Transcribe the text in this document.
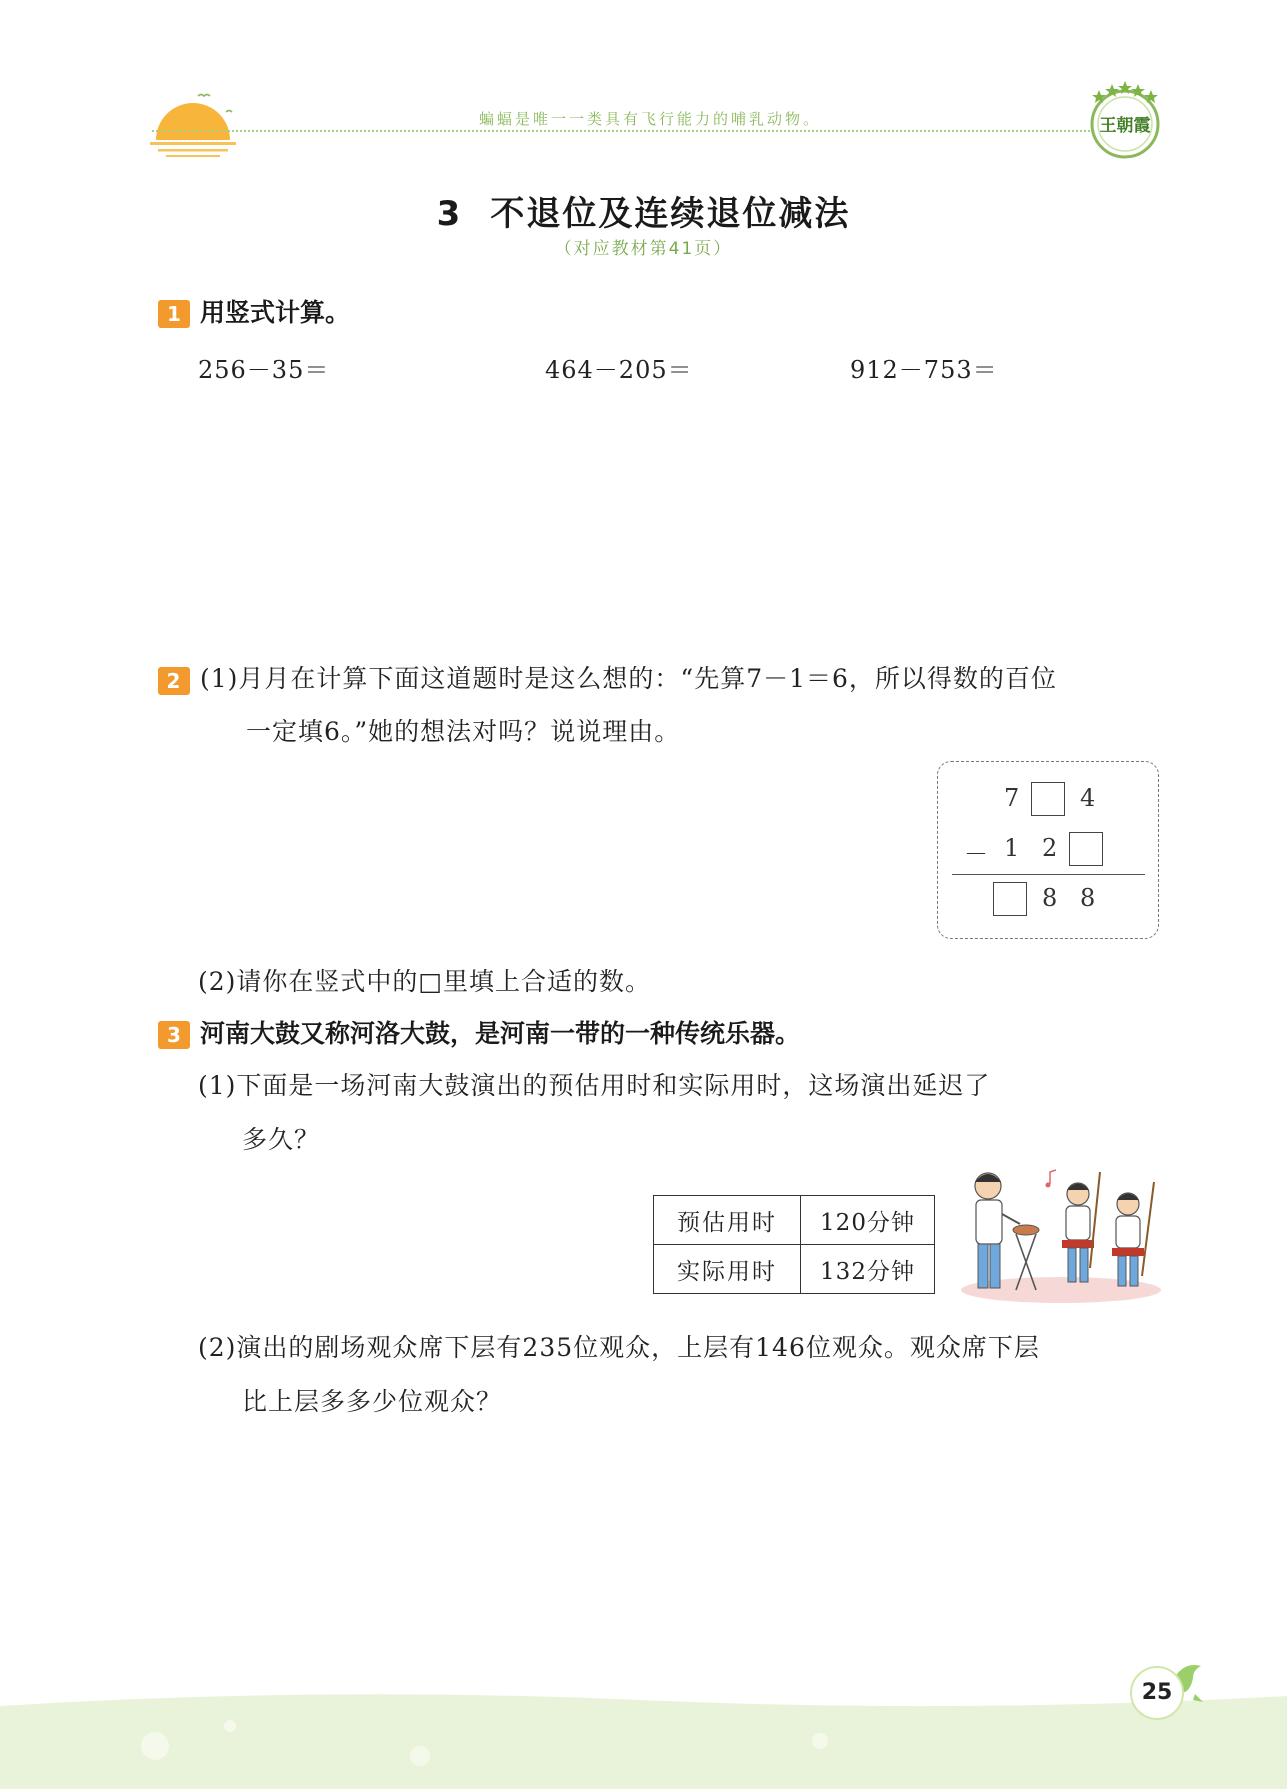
蝙蝠是唯一一类具有飞行能力的哺乳动物。	王朝霞
3 不退位及连续退位减法
（对应教材第41页）
1 用竖式计算。
256－35＝	464－205＝	912－753＝
2 (1)月月在计算下面这道题时是这么想的：“先算7－1＝6，所以得数的百位
一定填6。”她的想法对吗？说说理由。
7	4
－ 1 2
8 8
(2)请你在竖式中的□里填上合适的数。
3 河南大鼓又称河洛大鼓，是河南一带的一种传统乐器。
(1)下面是一场河南大鼓演出的预估用时和实际用时，这场演出延迟了
多久？
预估用时	120分钟
实际用时	132分钟
(2)演出的剧场观众席下层有235位观众，上层有146位观众。观众席下层
比上层多多少位观众？
25
